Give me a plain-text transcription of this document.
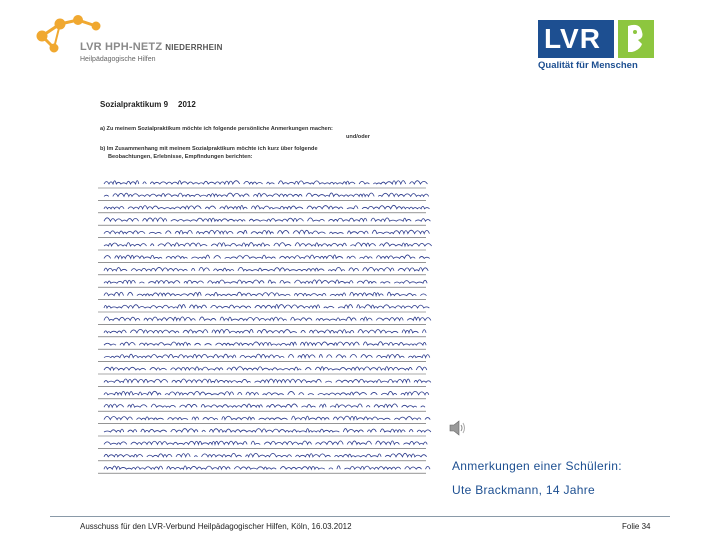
LVR HPH-NETZ NIEDERRHEIN
Heilpädagogische Hilfen
LVR
Qualität für Menschen
Sozialpraktikum 9 2012
a) Zu meinem Sozialpraktikum möchte ich folgende persönliche Anmerkungen machen:
und/oder
b) Im Zusammenhang mit meinem Sozialpraktikum möchte ich kurz über folgende
Beobachtungen, Erlebnisse, Empfindungen berichten:
Anmerkungen einer Schülerin:
Ute Brackmann, 14 Jahre
Ausschuss für den LVR-Verbund Heilpädagogischer Hilfen, Köln, 16.03.2012	Folie 34
